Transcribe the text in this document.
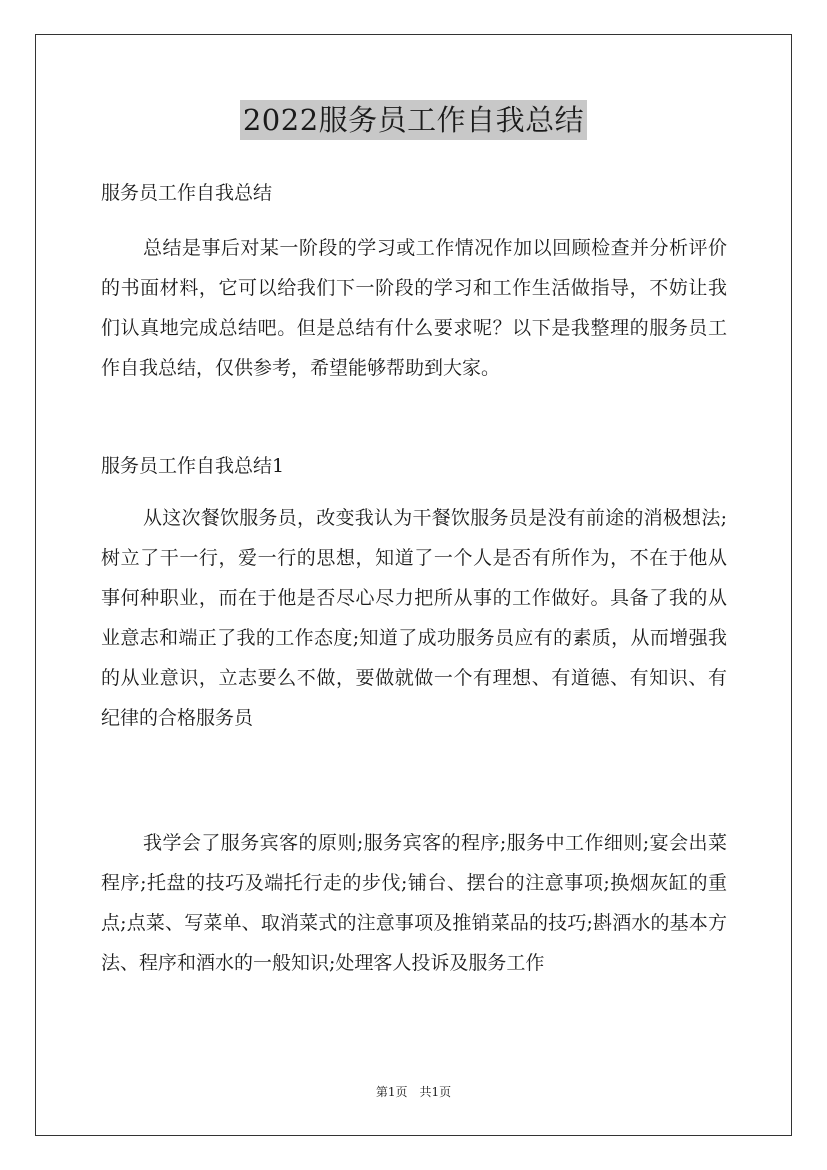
2022服务员工作自我总结
服务员工作自我总结

总结是事后对某一阶段的学习或工作情况作加以回顾检查并分析评价的书面材料，它可以给我们下一阶段的学习和工作生活做指导，不妨让我们认真地完成总结吧。但是总结有什么要求呢？以下是我整理的服务员工作自我总结，仅供参考，希望能够帮助到大家。

服务员工作自我总结1

从这次餐饮服务员，改变我认为干餐饮服务员是没有前途的消极想法;树立了干一行，爱一行的思想，知道了一个人是否有所作为，不在于他从事何种职业，而在于他是否尽心尽力把所从事的工作做好。具备了我的从业意志和端正了我的工作态度;知道了成功服务员应有的素质，从而增强我的从业意识，立志要么不做，要做就做一个有理想、有道德、有知识、有纪律的合格服务员

我学会了服务宾客的原则;服务宾客的程序;服务中工作细则;宴会出菜程序;托盘的技巧及端托行走的步伐;铺台、摆台的注意事项;换烟灰缸的重点;点菜、写菜单、取消菜式的注意事项及推销菜品的技巧;斟酒水的基本方法、程序和酒水的一般知识;处理客人投诉及服务工作

第1页　共1页
